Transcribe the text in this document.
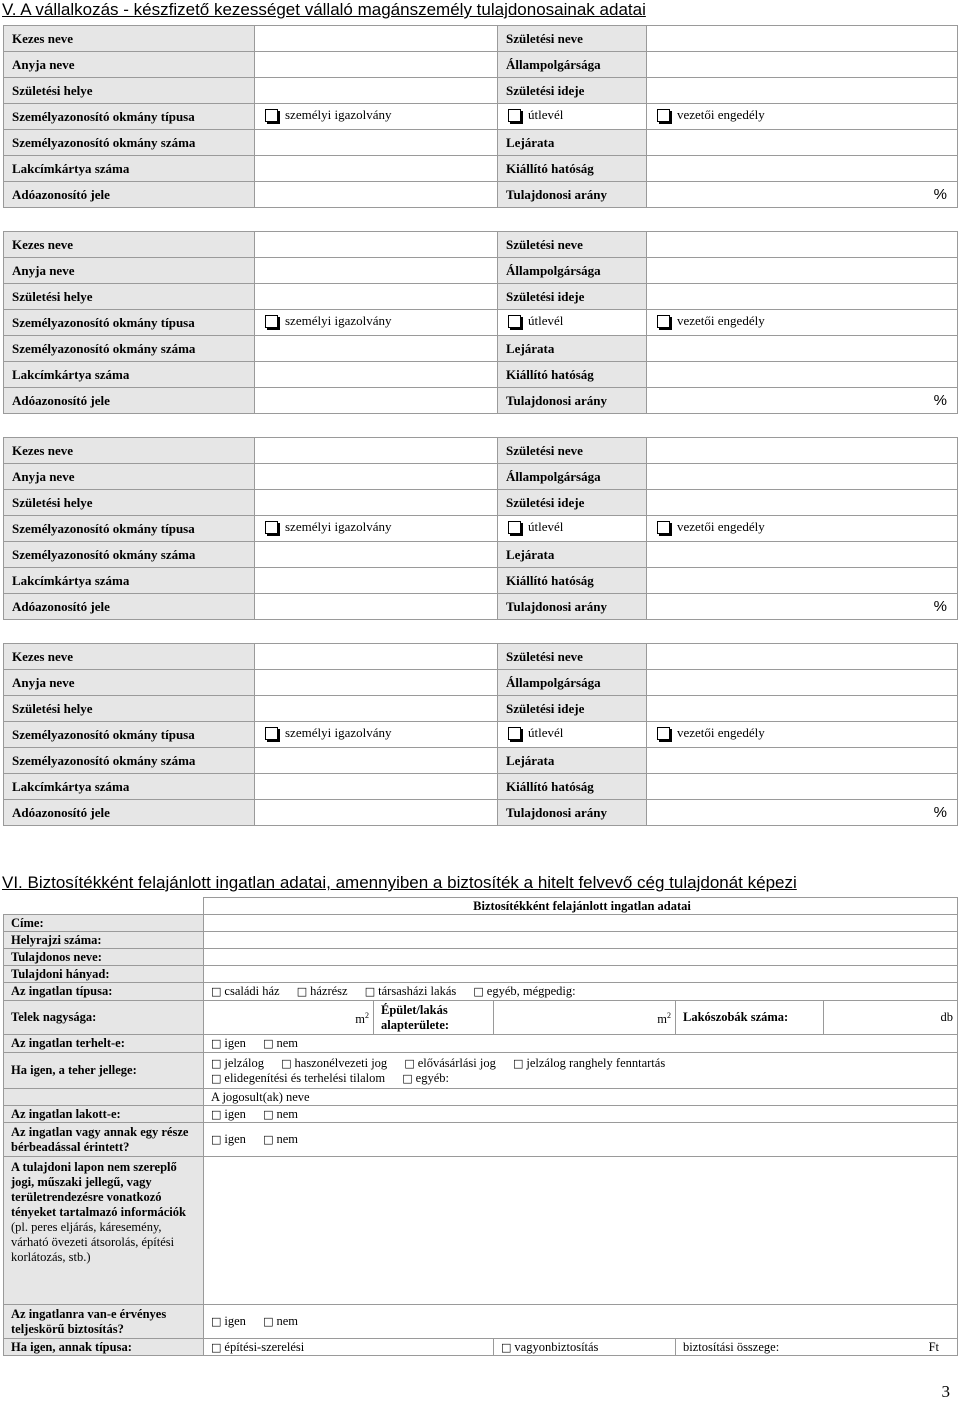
V. A vállalkozás - készfizető kezességet vállaló magánszemély tulajdonosainak adatai
Kezes neve		Születési neve	
Anyja neve		Állampolgársága	
Születési helye		Születési ideje	
Személyazonosító okmány típusa	személyi igazolvány	útlevél	vezetői engedély

Személyazonosító okmány száma		Lejárata	
Lakcímkártya száma		Kiállító hatóság	
Adóazonosító jele		Tulajdonosi arány	%
Kezes neve		Születési neve	
Anyja neve		Állampolgársága	
Születési helye		Születési ideje	
Személyazonosító okmány típusa	személyi igazolvány	útlevél	vezetői engedély

Személyazonosító okmány száma		Lejárata	
Lakcímkártya száma		Kiállító hatóság	
Adóazonosító jele		Tulajdonosi arány	%
Kezes neve		Születési neve	
Anyja neve		Állampolgársága	
Születési helye		Születési ideje	
Személyazonosító okmány típusa	személyi igazolvány	útlevél	vezetői engedély

Személyazonosító okmány száma		Lejárata	
Lakcímkártya száma		Kiállító hatóság	
Adóazonosító jele		Tulajdonosi arány	%
Kezes neve		Születési neve	
Anyja neve		Állampolgársága	
Születési helye		Születési ideje	
Személyazonosító okmány típusa	személyi igazolvány	útlevél	vezetői engedély

Személyazonosító okmány száma		Lejárata	
Lakcímkártya száma		Kiállító hatóság	
Adóazonosító jele		Tulajdonosi arány	%
VI. Biztosítékként felajánlott ingatlan adatai, amennyiben a biztosíték a hitelt felvevő cég tulajdonát képezi
	Biztosítékként felajánlott ingatlan adatai				
Címe:					
Helyrajzi száma:					
Tulajdonos neve:					
Tulajdoni hányad:					
Az ingatlan típusa:	□ családi ház □ házrész □ társasházi lakás □ egyéb, mégpedig:				
Telek nagysága:	$m^2$	Épület/lakás alapterülete:	$m^2$	Lakószobák száma:	db
Az ingatlan terhelt-e:	□ igen □ nem				
Ha igen, a teher jellege:	□ jelzálog □ haszonélvezeti jog □ elővásárlási jog □ jelzálog ranghely fenntartás
□ elidegenítési és terhelési tilalom □ egyéb:				

	A jogosult(ak) neve				
Az ingatlan lakott-e:	□ igen □ nem				
Az ingatlan vagy annak egy része bérbeadással érintett?	□ igen □ nem				
A tulajdoni lapon nem szereplő jogi, műszaki jellegű, vagy területrendezésre vonatkozó tényeket tartalmazó információk (pl. peres eljárás, káresemény, várható övezeti átsorolás, építési korlátozás, stb.)					
Az ingatlanra van-e érvényes teljeskörű biztosítás?	□ igen □ nem				
Ha igen, annak típusa:	□ építési-szerelési		□ vagyonbiztosítás	biztosítási összege: Ft	
3
